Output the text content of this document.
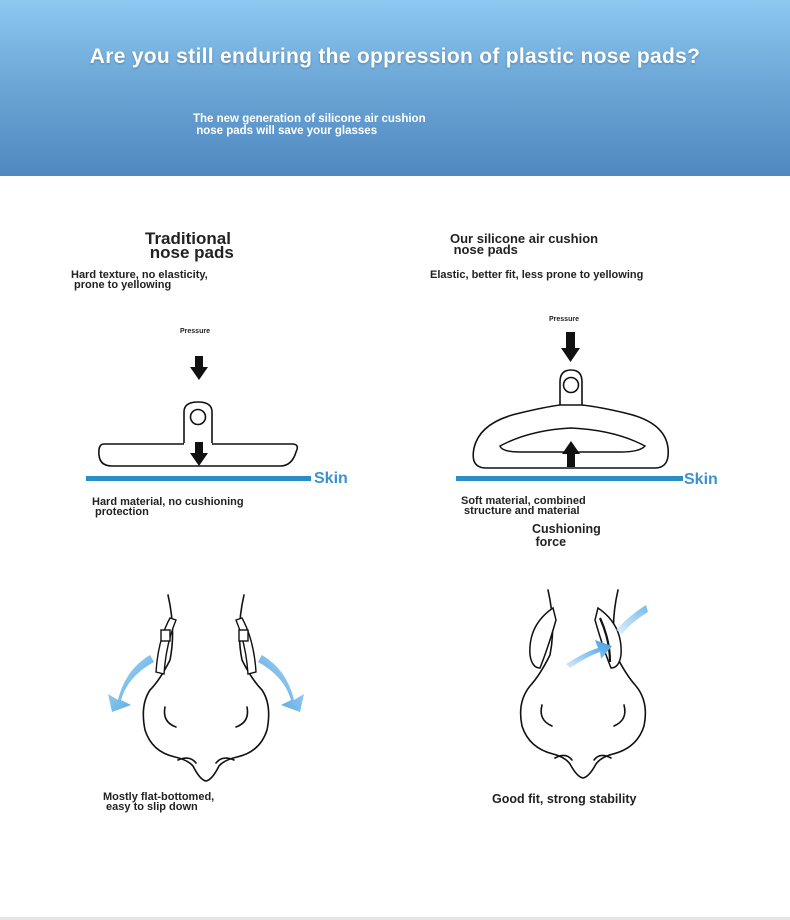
Are you still enduring the oppression of plastic nose pads?
The new generation of silicone air cushion
nose pads will save your glasses
Traditional
nose pads
Hard texture, no elasticity,
prone to yellowing
Pressure
Skin
Hard material, no cushioning
protection
Mostly flat-bottomed,
easy to slip down
Our silicone air cushion
nose pads
Elastic, better fit, less prone to yellowing
Pressure
Skin
Soft material, combined
structure and material
Cushioning
force
Good fit, strong stability
